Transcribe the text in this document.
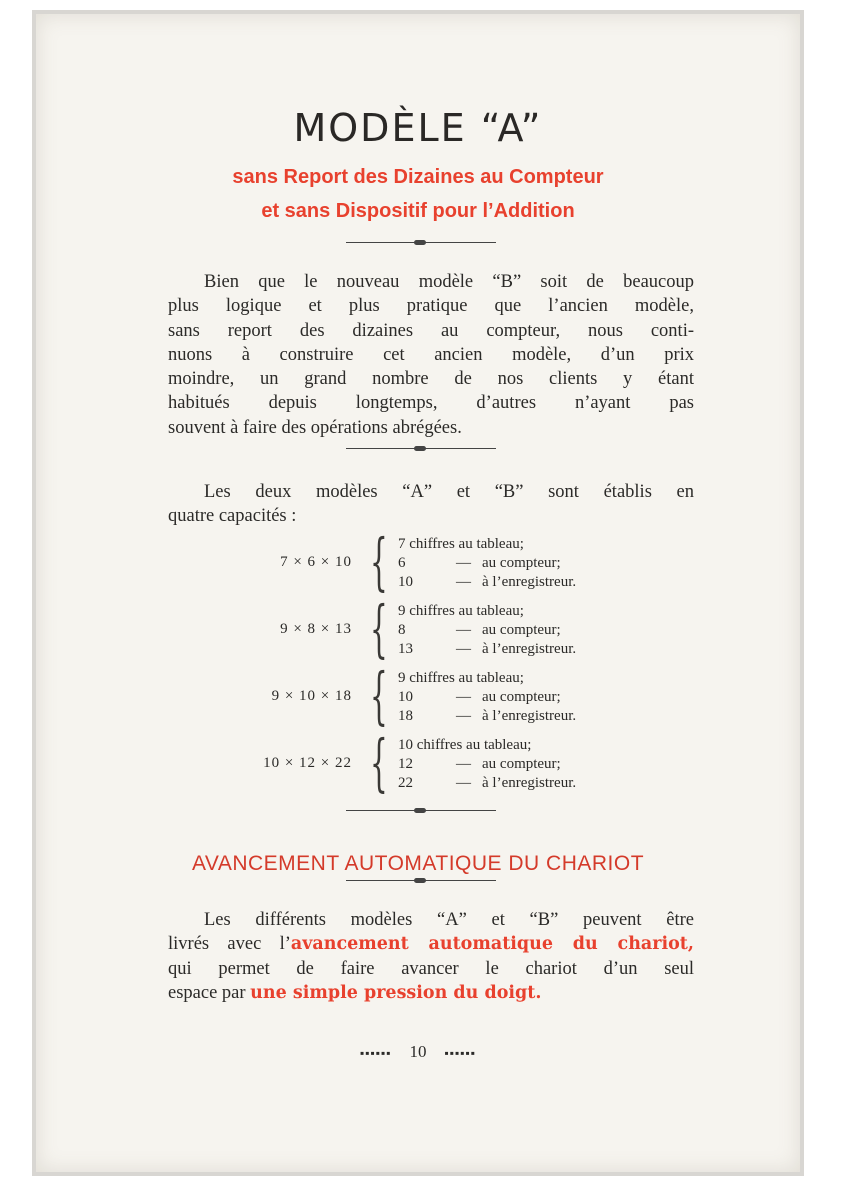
MODÈLE “A”
sans Report des Dizaines au Compteur
et sans Dispositif pour l’Addition
Bien que le nouveau modèle “B” soit de beaucoup
plus logique et plus pratique que l’ancien modèle,
sans report des dizaines au compteur, nous conti-
nuons à construire cet ancien modèle, d’un prix
moindre, un grand nombre de nos clients y étant
habitués depuis longtemps, d’autres n’ayant pas
souvent à faire des opérations abrégées.
Les deux modèles “A” et “B” sont établis en
quatre capacités :
7 × 6 × 10 { 7 chiffres au tableau;
6	— au compteur;
10	— à l’enregistreur.
9 × 8 × 13 { 9 chiffres au tableau;
8	— au compteur;
13	— à l’enregistreur.
9 × 10 × 18 { 9 chiffres au tableau;
10	— au compteur;
18	— à l’enregistreur.
10 × 12 × 22 { 10 chiffres au tableau;
12	— au compteur;
22	— à l’enregistreur.
AVANCEMENT AUTOMATIQUE DU CHARIOT
Les différents modèles “A” et “B” peuvent être
livrés avec l’avancement automatique du chariot,
qui permet de faire avancer le chariot d’un seul
espace par une simple pression du doigt.
▪▪▪▪▪▪ 10 ▪▪▪▪▪▪
